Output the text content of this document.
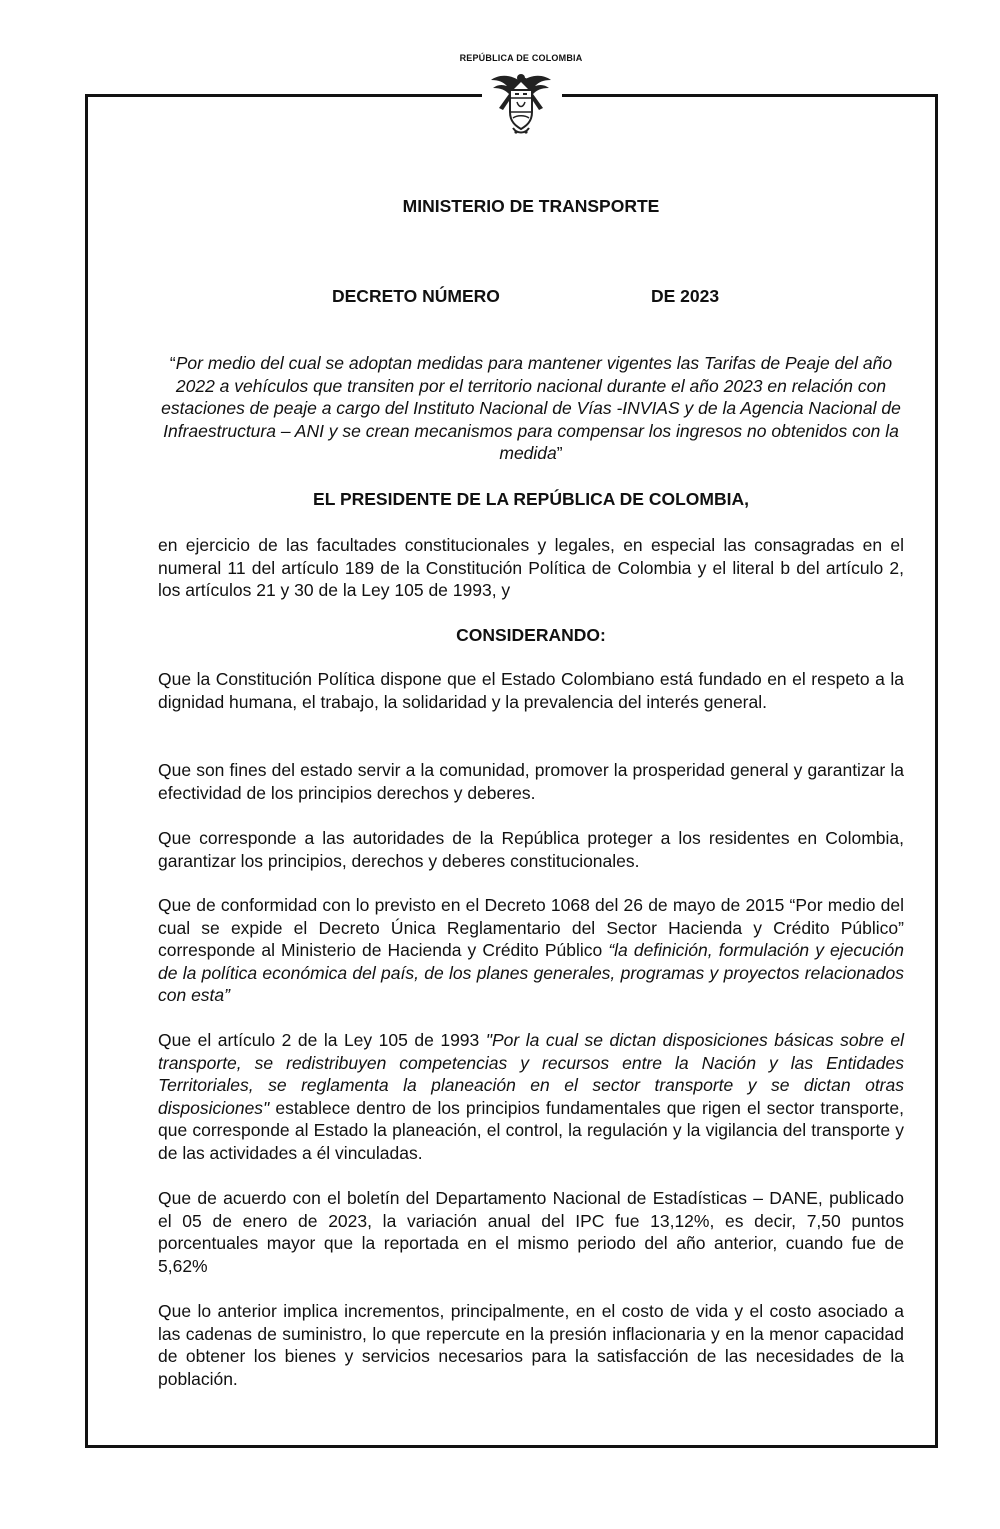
REPÚBLICA DE COLOMBIA
MINISTERIO DE TRANSPORTE
DECRETO NÚMERO	DE 2023
“Por medio del cual se adoptan medidas para mantener vigentes las Tarifas de Peaje del año 2022 a vehículos que transiten por el territorio nacional durante el año 2023 en relación con estaciones de peaje a cargo del Instituto Nacional de Vías -INVIAS y de la Agencia Nacional de Infraestructura – ANI y se crean mecanismos para compensar los ingresos no obtenidos con la medida”
EL PRESIDENTE DE LA REPÚBLICA DE COLOMBIA,
en ejercicio de las facultades constitucionales y legales, en especial las consagradas en el numeral 11 del artículo 189 de la Constitución Política de Colombia y el literal b del artículo 2, los artículos 21 y 30 de la Ley 105 de 1993, y
CONSIDERANDO:
Que la Constitución Política dispone que el Estado Colombiano está fundado en el respeto a la dignidad humana, el trabajo, la solidaridad y la prevalencia del interés general.
Que son fines del estado servir a la comunidad, promover la prosperidad general y garantizar la efectividad de los principios derechos y deberes.
Que corresponde a las autoridades de la República proteger a los residentes en Colombia, garantizar los principios, derechos y deberes constitucionales.
Que de conformidad con lo previsto en el Decreto 1068 del 26 de mayo de 2015 “Por medio del cual se expide el Decreto Única Reglamentario del Sector Hacienda y Crédito Público” corresponde al Ministerio de Hacienda y Crédito Público “la definición, formulación y ejecución de la política económica del país, de los planes generales, programas y proyectos relacionados con esta”
Que el artículo 2 de la Ley 105 de 1993 "Por la cual se dictan disposiciones básicas sobre el transporte, se redistribuyen competencias y recursos entre la Nación y las Entidades Territoriales, se reglamenta la planeación en el sector transporte y se dictan otras disposiciones" establece dentro de los principios fundamentales que rigen el sector transporte, que corresponde al Estado la planeación, el control, la regulación y la vigilancia del transporte y de las actividades a él vinculadas.
Que de acuerdo con el boletín del Departamento Nacional de Estadísticas – DANE, publicado el 05 de enero de 2023, la variación anual del IPC fue 13,12%, es decir, 7,50 puntos porcentuales mayor que la reportada en el mismo periodo del año anterior, cuando fue de 5,62%
Que lo anterior implica incrementos, principalmente, en el costo de vida y el costo asociado a las cadenas de suministro, lo que repercute en la presión inflacionaria y en la menor capacidad de obtener los bienes y servicios necesarios para la satisfacción de las necesidades de la población.
